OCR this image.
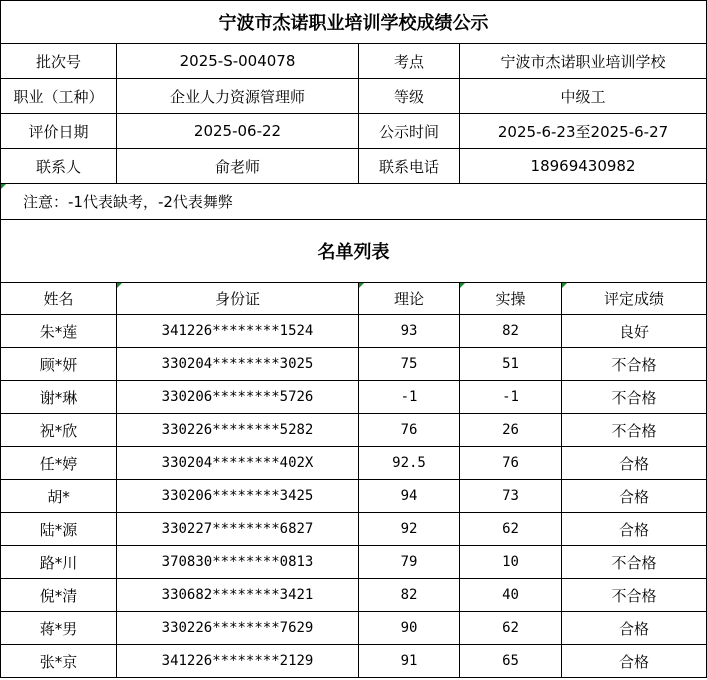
宁波市杰诺职业培训学校成绩公示				
批次号	2025-S-004078	考点	宁波市杰诺职业培训学校	
职业（工种）	企业人力资源管理师	等级	中级工	
评价日期	2025-06-22	公示时间	2025-6-23至2025-6-27	
联系人	俞老师	联系电话	18969430982	
注意：-1代表缺考，-2代表舞弊				
名单列表				
姓名	身份证	理论	实操	评定成绩
朱*莲	341226********1524	93	82	良好
顾*妍	330204********3025	75	51	不合格
谢*琳	330206********5726	-1	-1	不合格
祝*欣	330226********5282	76	26	不合格
任*婷	330204********402X	92.5	76	合格
胡*	330206********3425	94	73	合格
陆*源	330227********6827	92	62	合格
路*川	370830********0813	79	10	不合格
倪*清	330682********3421	82	40	不合格
蒋*男	330226********7629	90	62	合格
张*京	341226********2129	91	65	合格
